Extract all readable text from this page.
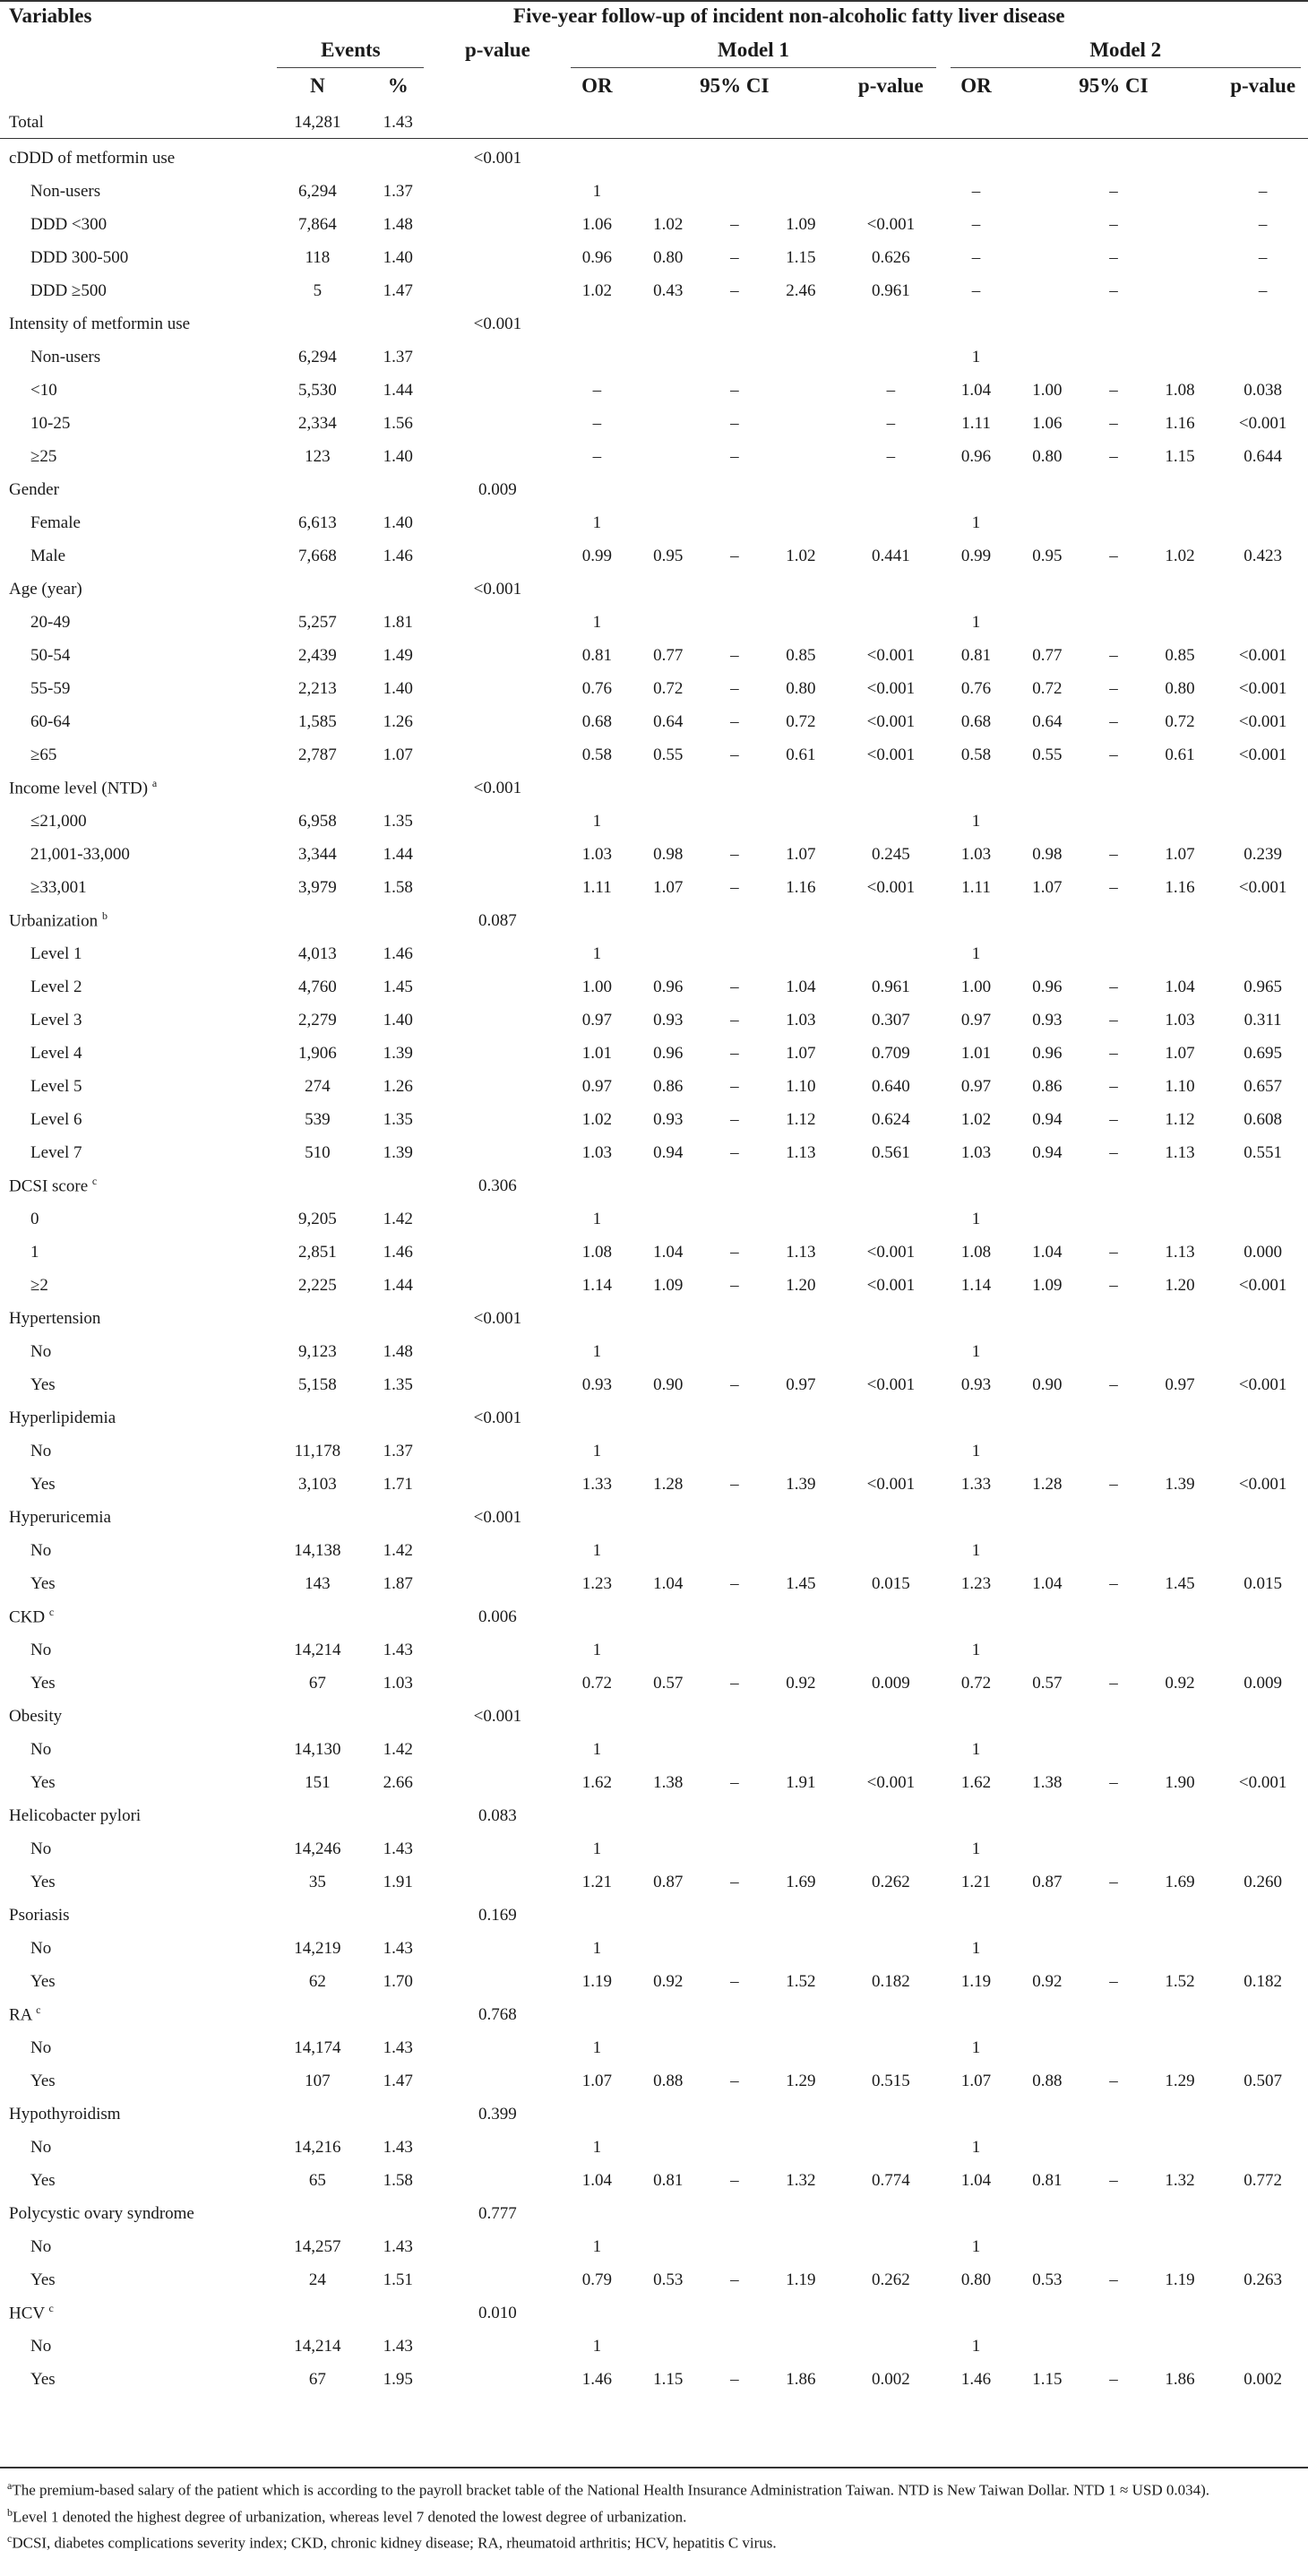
Variables	Five-year follow-up of incident non-alcoholic fatty liver disease												
	Events		p-value	Model 1					Model 2				
	N	%		OR	95% CI			p-value	OR	95% CI			p-value
Total	14,281	1.43											
cDDD of metformin use			<0.001										
Non-users	6,294	1.37		1					–		–		–
DDD <300	7,864	1.48		1.06	1.02	–	1.09	<0.001	–		–		–
DDD 300-500	118	1.40		0.96	0.80	–	1.15	0.626	–		–		–
DDD ≥500	5	1.47		1.02	0.43	–	2.46	0.961	–		–		–
Intensity of metformin use			<0.001										
Non-users	6,294	1.37							1				
<10	5,530	1.44		–		–		–	1.04	1.00	–	1.08	0.038
10-25	2,334	1.56		–		–		–	1.11	1.06	–	1.16	<0.001
≥25	123	1.40		–		–		–	0.96	0.80	–	1.15	0.644
Gender			0.009										
Female	6,613	1.40		1					1				
Male	7,668	1.46		0.99	0.95	–	1.02	0.441	0.99	0.95	–	1.02	0.423
Age (year)			<0.001										
20-49	5,257	1.81		1					1				
50-54	2,439	1.49		0.81	0.77	–	0.85	<0.001	0.81	0.77	–	0.85	<0.001
55-59	2,213	1.40		0.76	0.72	–	0.80	<0.001	0.76	0.72	–	0.80	<0.001
60-64	1,585	1.26		0.68	0.64	–	0.72	<0.001	0.68	0.64	–	0.72	<0.001
≥65	2,787	1.07		0.58	0.55	–	0.61	<0.001	0.58	0.55	–	0.61	<0.001
Income level (NTD) $^a$			<0.001										
≤21,000	6,958	1.35		1					1				
21,001-33,000	3,344	1.44		1.03	0.98	–	1.07	0.245	1.03	0.98	–	1.07	0.239
≥33,001	3,979	1.58		1.11	1.07	–	1.16	<0.001	1.11	1.07	–	1.16	<0.001
Urbanization $^b$			0.087										
Level 1	4,013	1.46		1					1				
Level 2	4,760	1.45		1.00	0.96	–	1.04	0.961	1.00	0.96	–	1.04	0.965
Level 3	2,279	1.40		0.97	0.93	–	1.03	0.307	0.97	0.93	–	1.03	0.311
Level 4	1,906	1.39		1.01	0.96	–	1.07	0.709	1.01	0.96	–	1.07	0.695
Level 5	274	1.26		0.97	0.86	–	1.10	0.640	0.97	0.86	–	1.10	0.657
Level 6	539	1.35		1.02	0.93	–	1.12	0.624	1.02	0.94	–	1.12	0.608
Level 7	510	1.39		1.03	0.94	–	1.13	0.561	1.03	0.94	–	1.13	0.551
DCSI score $^c$			0.306										
0	9,205	1.42		1					1				
1	2,851	1.46		1.08	1.04	–	1.13	<0.001	1.08	1.04	–	1.13	0.000
≥2	2,225	1.44		1.14	1.09	–	1.20	<0.001	1.14	1.09	–	1.20	<0.001
Hypertension			<0.001										
No	9,123	1.48		1					1				
Yes	5,158	1.35		0.93	0.90	–	0.97	<0.001	0.93	0.90	–	0.97	<0.001
Hyperlipidemia			<0.001										
No	11,178	1.37		1					1				
Yes	3,103	1.71		1.33	1.28	–	1.39	<0.001	1.33	1.28	–	1.39	<0.001
Hyperuricemia			<0.001										
No	14,138	1.42		1					1				
Yes	143	1.87		1.23	1.04	–	1.45	0.015	1.23	1.04	–	1.45	0.015
CKD $^c$			0.006										
No	14,214	1.43		1					1				
Yes	67	1.03		0.72	0.57	–	0.92	0.009	0.72	0.57	–	0.92	0.009
Obesity			<0.001										
No	14,130	1.42		1					1				
Yes	151	2.66		1.62	1.38	–	1.91	<0.001	1.62	1.38	–	1.90	<0.001
Helicobacter pylori			0.083										
No	14,246	1.43		1					1				
Yes	35	1.91		1.21	0.87	–	1.69	0.262	1.21	0.87	–	1.69	0.260
Psoriasis			0.169										
No	14,219	1.43		1					1				
Yes	62	1.70		1.19	0.92	–	1.52	0.182	1.19	0.92	–	1.52	0.182
RA $^c$			0.768										
No	14,174	1.43		1					1				
Yes	107	1.47		1.07	0.88	–	1.29	0.515	1.07	0.88	–	1.29	0.507
Hypothyroidism			0.399										
No	14,216	1.43		1					1				
Yes	65	1.58		1.04	0.81	–	1.32	0.774	1.04	0.81	–	1.32	0.772
Polycystic ovary syndrome			0.777										
No	14,257	1.43		1					1				
Yes	24	1.51		0.79	0.53	–	1.19	0.262	0.80	0.53	–	1.19	0.263
HCV $^c$			0.010										
No	14,214	1.43		1					1				
Yes	67	1.95		1.46	1.15	–	1.86	0.002	1.46	1.15	–	1.86	0.002
$^a$The premium-based salary of the patient which is according to the payroll bracket table of the National Health Insurance Administration Taiwan. NTD is New Taiwan Dollar. NTD 1 ≈ USD 0.034).
$^b$Level 1 denoted the highest degree of urbanization, whereas level 7 denoted the lowest degree of urbanization.
$^c$DCSI, diabetes complications severity index; CKD, chronic kidney disease; RA, rheumatoid arthritis; HCV, hepatitis C virus.
